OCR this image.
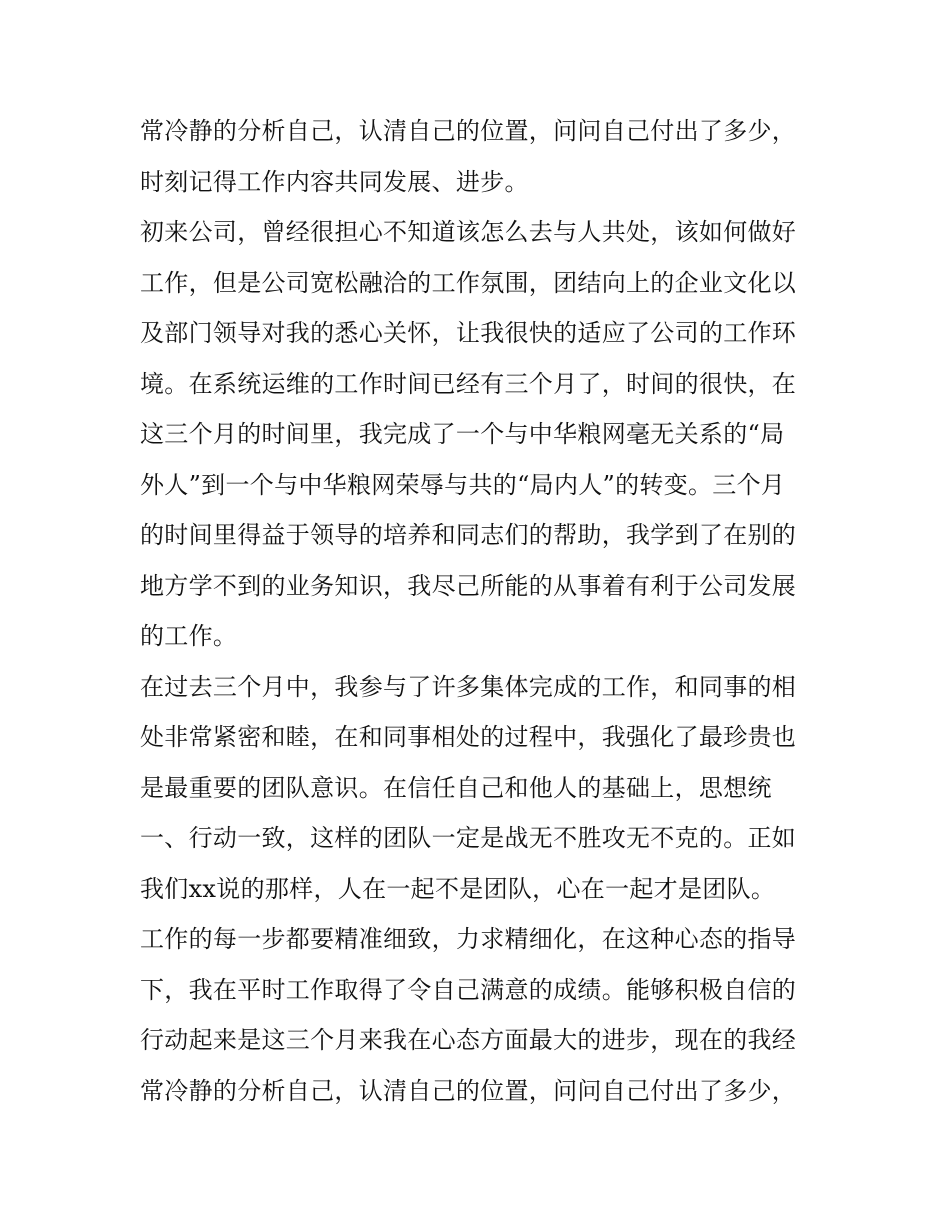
常冷静的分析自己，认清自己的位置，问问自己付出了多少，
时刻记得工作内容共同发展、进步。
初来公司，曾经很担心不知道该怎么去与人共处，该如何做好
工作，但是公司宽松融洽的工作氛围，团结向上的企业文化以
及部门领导对我的悉心关怀，让我很快的适应了公司的工作环
境。在系统运维的工作时间已经有三个月了，时间的很快，在
这三个月的时间里，我完成了一个与中华粮网毫无关系的“局
外人”到一个与中华粮网荣辱与共的“局内人”的转变。三个月
的时间里得益于领导的培养和同志们的帮助，我学到了在别的
地方学不到的业务知识，我尽己所能的从事着有利于公司发展
的工作。
在过去三个月中，我参与了许多集体完成的工作，和同事的相
处非常紧密和睦，在和同事相处的过程中，我强化了最珍贵也
是最重要的团队意识。在信任自己和他人的基础上，思想统
一、行动一致，这样的团队一定是战无不胜攻无不克的。正如
我们xx说的那样，人在一起不是团队，心在一起才是团队。
工作的每一步都要精准细致，力求精细化，在这种心态的指导
下，我在平时工作取得了令自己满意的成绩。能够积极自信的
行动起来是这三个月来我在心态方面最大的进步，现在的我经
常冷静的分析自己，认清自己的位置，问问自己付出了多少，
